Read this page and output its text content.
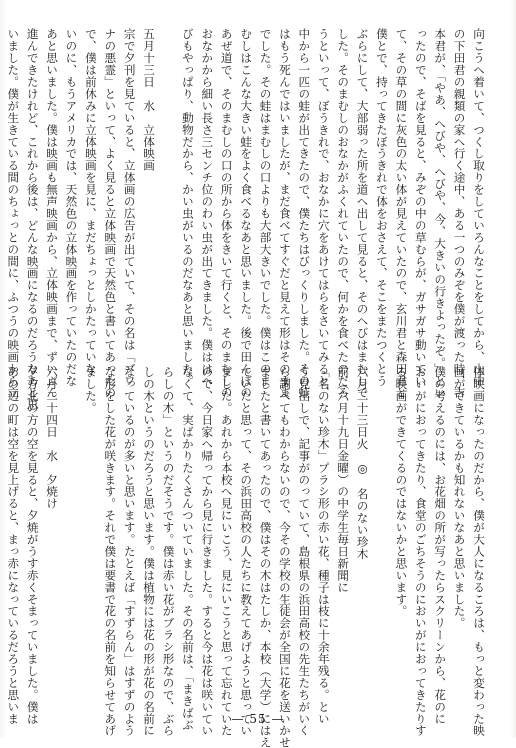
向こうへ着いて、つくし取りをしていろんなことをしてから、山中
の下田君の親類の家へ行く途中、ある一つのみぞを僕が渡った時、吉
本君が、「やあ、へびや、へびや、今、大きいの行きよったぞ。」とい
ったので、そばを見ると、みぞの中の草むらが、ガサガサ動いてい
て、その草の間に灰色の太い体が見えていたので、玄川君と森田君と
僕とで、持ってきたぼうきれで体をおさえて、そこをまたつくとう
ぶらにして、大部弱った所を道へ出して見ると、そのへびはまむしで
した。そのまむしのおなかがふくれていたので、何かを食べたのだろ
うといって、ぼうきれで、おなかに穴をあけてはらをさいてみると、
中から一匹の蛙が出てきたので、僕たちはびっくりしました。その蛙
はもう死んではいましたが、まだ食べてすぐだと見えて形はそのまま
でした。その蛙はまむしの口よりも大部大きいでした。僕はこのま
むしはこんな大きい蛙をよく食べるなあと思いました。後で田んぼの
あぜ道で、そのまむしの口の所から体をきいて行くと、そのまむしの
おなかから細い長さ三センチ位のわい虫が出てきました。僕ははへ
びもやっぱり、動物だから、かい虫がいるのだなあと思いました。
五月十三日　水　立体映画
宗で夕刊を見ていると、立体画の広告が出ていて、その名は「ブワ
ナの悪霊」といって、よく見ると立体映画で天然色と書いてあったの
で、僕は前休みに立体映画を見に、まだちょっとしかたっていな
いのに、もうアメリカでは、天然色の立体映画を作っていたのだな
あと思いました。僕は映画も無声映画から、立体映画まで、ずいぶん
進んできたけれど、これから後は、どんな映画になるのだろうなあと思
いました。僕が生きている間のちょっとの間に、ふつうの映画から立
体映画になったのだから、僕が大人になるころは、もっと変わった映
画ができているかも知れないなあと思いました。
僕の考えるのには、お花畑の所が写ったらスクリーンから、花のに
おいがにおってきたり、食堂のごちそうのにおいがにおってきたりす
る映画ができてくるのではないかと思います。
六月二十三日火　◎　名のない珍木
前（六月十九日金曜）の中学生毎日新聞に
「名のない珍木」プラシ形の赤い花、種子は枝に十余年残る。とい
う見出しで、記事がのっていて、島根県の浜田高校の先生たちがいく
ら調べてもわからないので、今その学校の生徒会が全国に花を送いかせ
ましたと書いてあったので、僕はその木はたしか、本校（大学）にはえ
ていたと思って、その浜田高校の人たちに教えてあげようと思ってい
ました。あれから本校へ見にいこう、見にいこうと思って忘れていた
ので、今日家へ帰ってから見に行きました。すると今は花は咲いてい
なくて、実ばかりたくさんついていました。その名前は、「まきばぶ
らしの木」というのだそうです。僕は赤い花がブラシ形なので、ぶら
しの木というのだろうと思います。僕は植物には花の形が花の名前に
なっているのが多いと思います。たとえば「すずらん」はすずのよう
な形をした花が咲きます。それで僕は要書で花の名前を知らせてあげ
ました。
六月二十四日　水　夕焼け
夕方北の方の空を見ると、夕焼がうす赤くそまっていました。僕は
あの辺の町は空を見上げると、まっ赤になっているだろうと思いま	— 55 —
